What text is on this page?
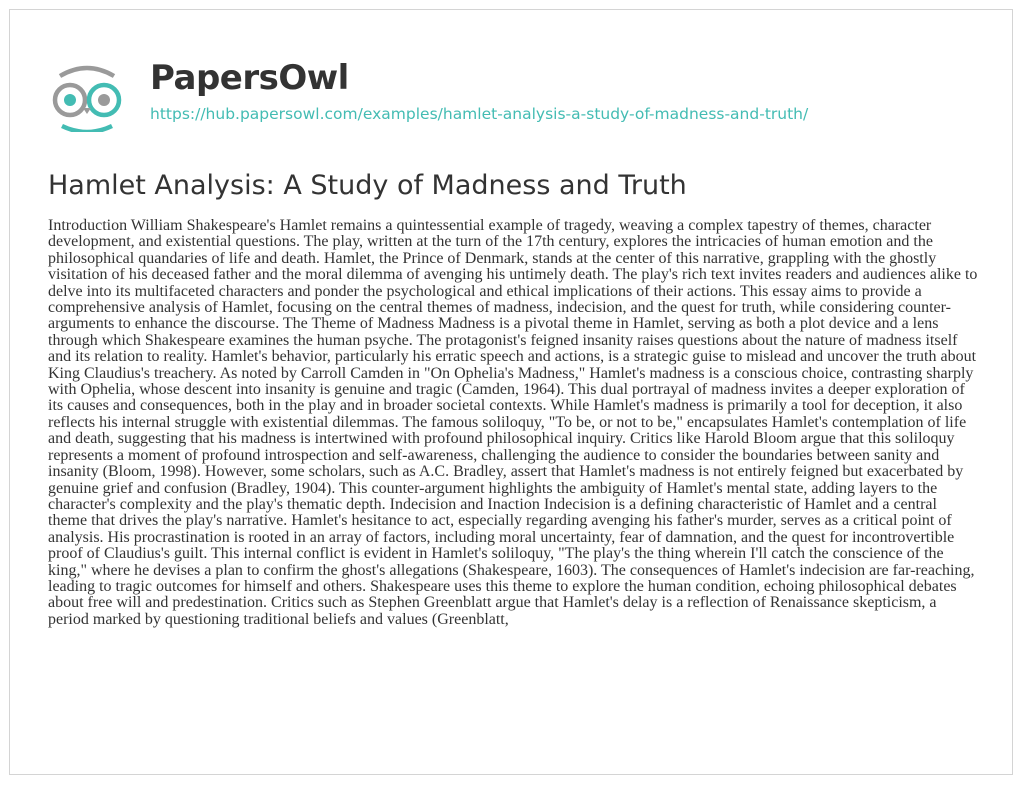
PapersOwl
https://hub.papersowl.com/examples/hamlet-analysis-a-study-of-madness-and-truth/
Hamlet Analysis: A Study of Madness and Truth

Introduction William Shakespeare's Hamlet remains a quintessential example of tragedy, weaving a complex tapestry of themes, character development, and existential questions. The play, written at the turn of the 17th century, explores the intricacies of human emotion and the philosophical quandaries of life and death. Hamlet, the Prince of Denmark, stands at the center of this narrative, grappling with the ghostly visitation of his deceased father and the moral dilemma of avenging his untimely death. The play's rich text invites readers and audiences alike to delve into its multifaceted characters and ponder the psychological and ethical implications of their actions. This essay aims to provide a comprehensive analysis of Hamlet, focusing on the central themes of madness, indecision, and the quest for truth, while considering counter-arguments to enhance the discourse. The Theme of Madness Madness is a pivotal theme in Hamlet, serving as both a plot device and a lens through which Shakespeare examines the human psyche. The protagonist's feigned insanity raises questions about the nature of madness itself and its relation to reality. Hamlet's behavior, particularly his erratic speech and actions, is a strategic guise to mislead and uncover the truth about King Claudius's treachery. As noted by Carroll Camden in "On Ophelia's Madness," Hamlet's madness is a conscious choice, contrasting sharply with Ophelia, whose descent into insanity is genuine and tragic (Camden, 1964). This dual portrayal of madness invites a deeper exploration of its causes and consequences, both in the play and in broader societal contexts. While Hamlet's madness is primarily a tool for deception, it also reflects his internal struggle with existential dilemmas. The famous soliloquy, "To be, or not to be," encapsulates Hamlet's contemplation of life and death, suggesting that his madness is intertwined with profound philosophical inquiry. Critics like Harold Bloom argue that this soliloquy represents a moment of profound introspection and self-awareness, challenging the audience to consider the boundaries between sanity and insanity (Bloom, 1998). However, some scholars, such as A.C. Bradley, assert that Hamlet's madness is not entirely feigned but exacerbated by genuine grief and confusion (Bradley, 1904). This counter-argument highlights the ambiguity of Hamlet's mental state, adding layers to the character's complexity and the play's thematic depth. Indecision and Inaction Indecision is a defining characteristic of Hamlet and a central theme that drives the play's narrative. Hamlet's hesitance to act, especially regarding avenging his father's murder, serves as a critical point of analysis. His procrastination is rooted in an array of factors, including moral uncertainty, fear of damnation, and the quest for incontrovertible proof of Claudius's guilt. This internal conflict is evident in Hamlet's soliloquy, "The play's the thing wherein I'll catch the conscience of the king," where he devises a plan to confirm the ghost's allegations (Shakespeare, 1603). The consequences of Hamlet's indecision are far-reaching, leading to tragic outcomes for himself and others. Shakespeare uses this theme to explore the human condition, echoing philosophical debates about free will and predestination. Critics such as Stephen Greenblatt argue that Hamlet's delay is a reflection of Renaissance skepticism, a period marked by questioning traditional beliefs and values (Greenblatt,
